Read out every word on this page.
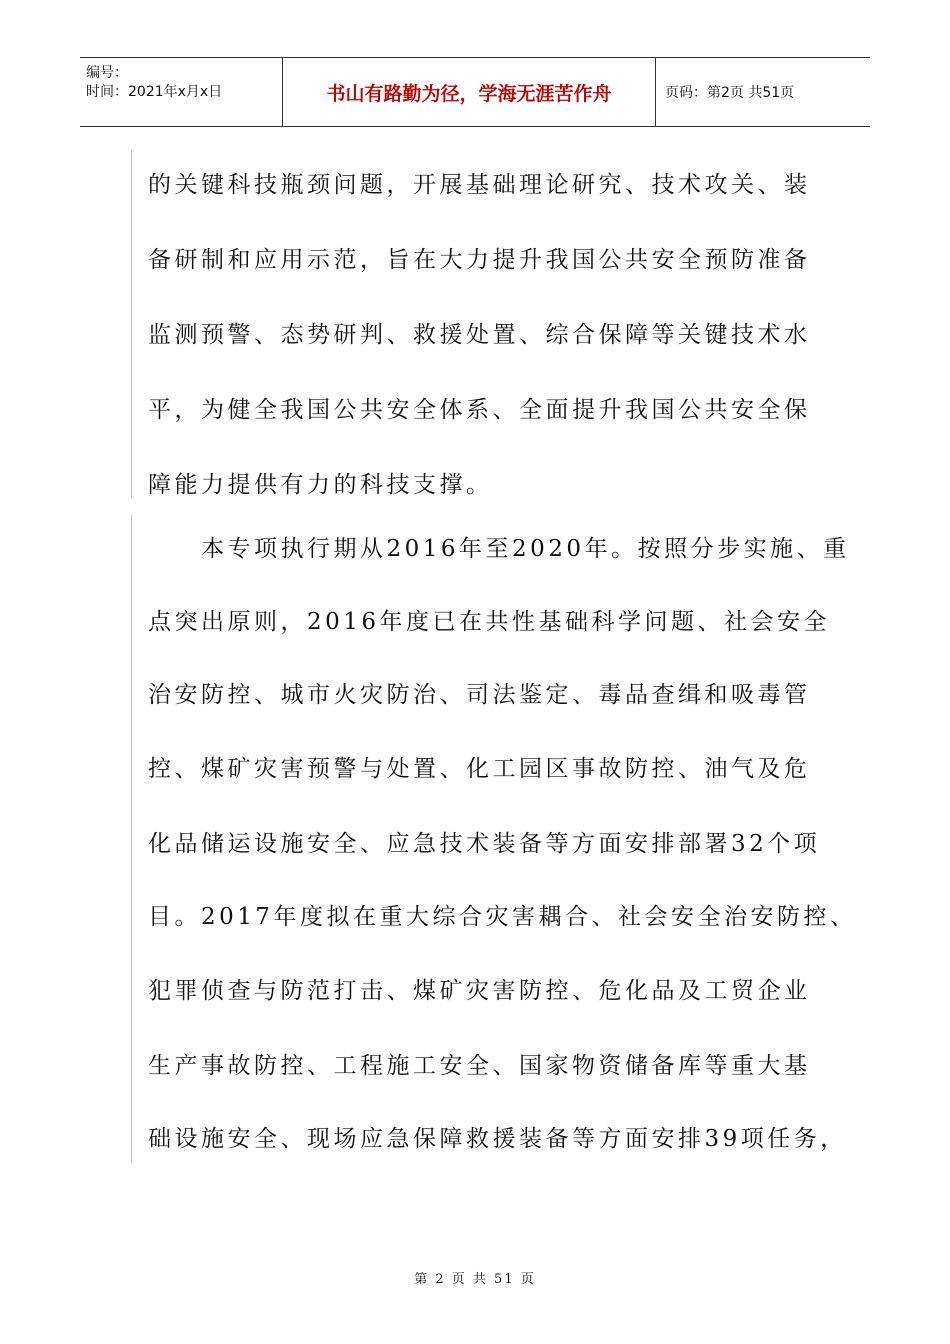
编号：
时间：2021年x月x日	书山有路勤为径，学海无涯苦作舟	页码：第2页 共51页
的关键科技瓶颈问题，开展基础理论研究、技术攻关、装
备研制和应用示范，旨在大力提升我国公共安全预防准备
监测预警、态势研判、救援处置、综合保障等关键技术水
平，为健全我国公共安全体系、全面提升我国公共安全保
障能力提供有力的科技支撑。
　　本专项执行期从2016年至2020年。按照分步实施、重
点突出原则，2016年度已在共性基础科学问题、社会安全
治安防控、城市火灾防治、司法鉴定、毒品查缉和吸毒管
控、煤矿灾害预警与处置、化工园区事故防控、油气及危
化品储运设施安全、应急技术装备等方面安排部署32个项
目。2017年度拟在重大综合灾害耦合、社会安全治安防控、
犯罪侦查与防范打击、煤矿灾害防控、危化品及工贸企业
生产事故防控、工程施工安全、国家物资储备库等重大基
础设施安全、现场应急保障救援装备等方面安排39项任务，
第 2 页 共 51 页
